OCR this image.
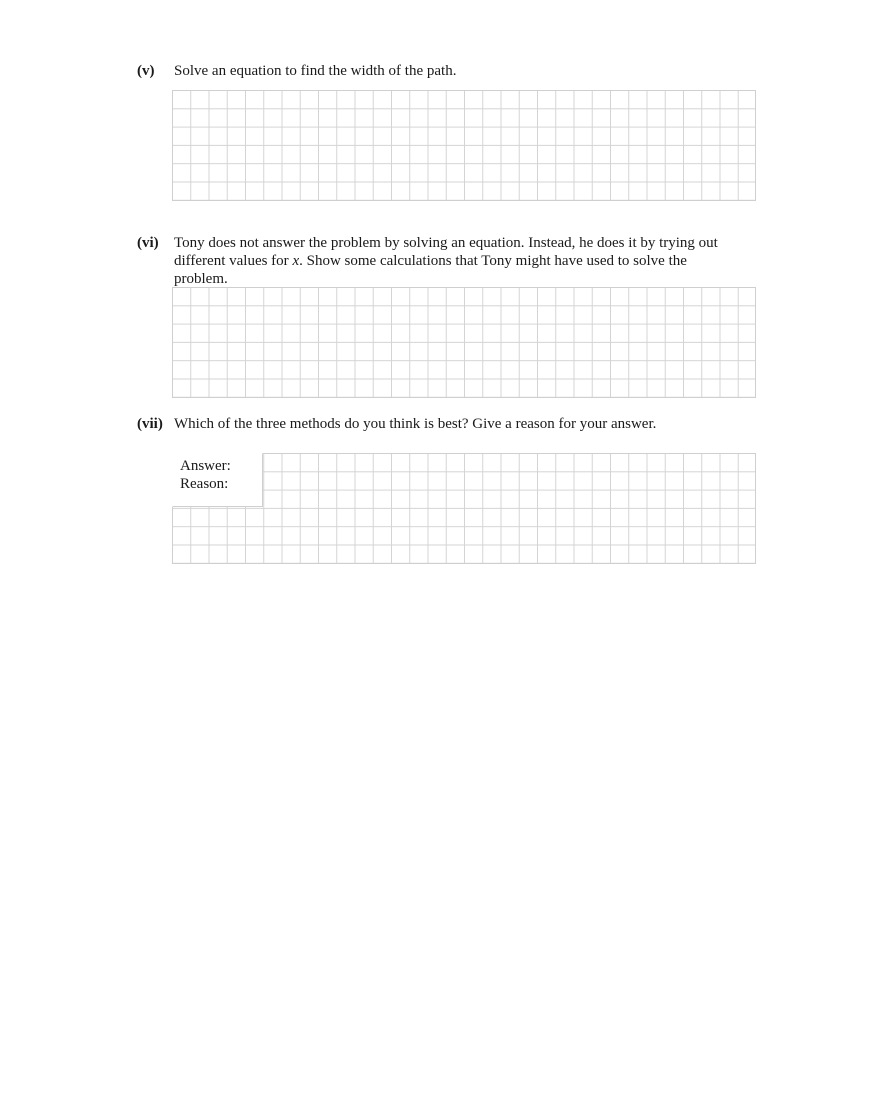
(v) Solve an equation to find the width of the path.
(vi) Tony does not answer the problem by solving an equation. Instead, he does it by trying out
different values for x. Show some calculations that Tony might have used to solve the
problem.
(vii) Which of the three methods do you think is best? Give a reason for your answer.
Answer:
Reason:
